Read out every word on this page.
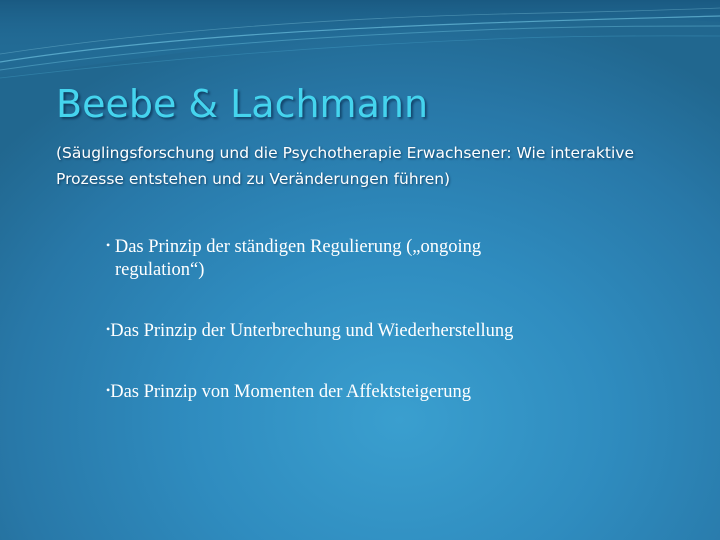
Beebe & Lachmann

(Säuglingsforschung und die Psychotherapie Erwachsener: Wie interaktive Prozesse entstehen und zu Veränderungen führen)

• Das Prinzip der ständigen Regulierung („ongoing
regulation“)
•Das Prinzip der Unterbrechung und Wiederherstellung
•Das Prinzip von Momenten der Affektsteigerung
